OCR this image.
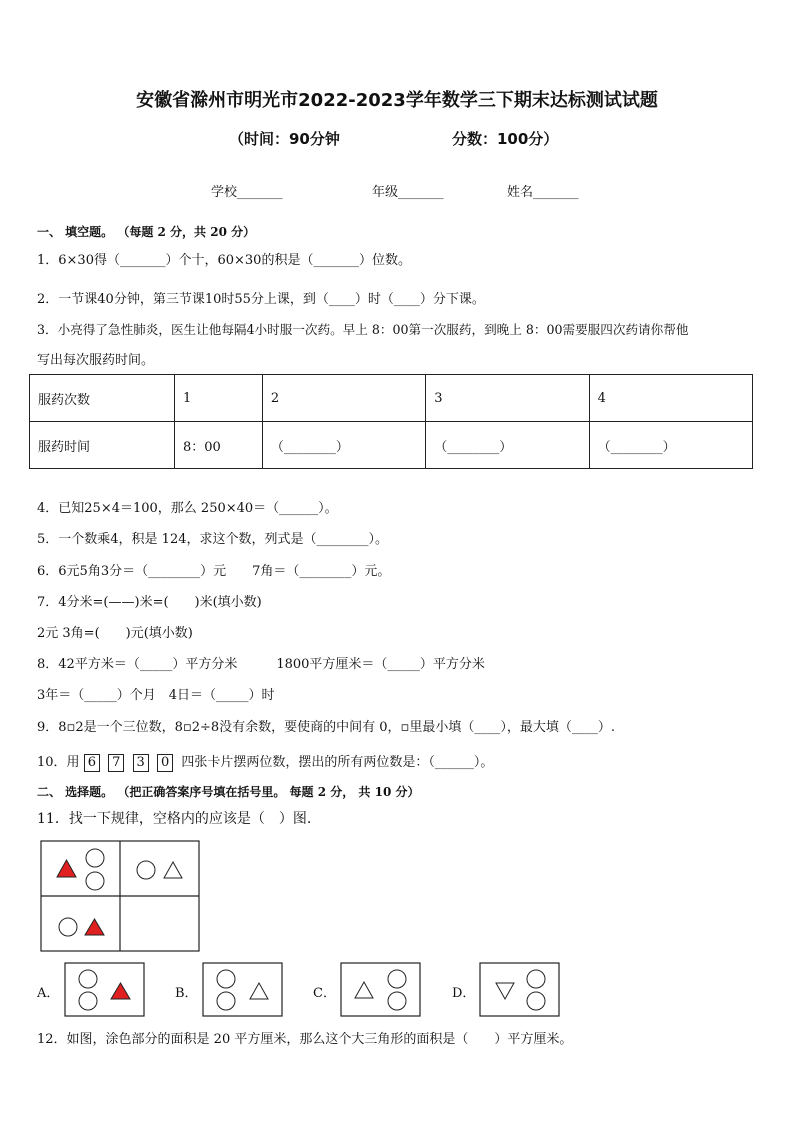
安徽省滁州市明光市2022-2023学年数学三下期末达标测试试题
（时间：90分钟	分数：100分）
学校_______	年级_______	姓名_______
一、 填空题。 （每题 2 分，共 20 分）
1．6×30得（_______）个十，60×30的积是（_______）位数。
2．一节课40分钟，第三节课10时55分上课，到（____）时（____）分下课。
3．小亮得了急性肺炎，医生让他每隔4小时服一次药。早上 8：00第一次服药，到晚上 8：00需要服四次药请你帮他
写出每次服药时间。
服药次数	1	2	3	4
服药时间	8：00	（________）	（________）	（________）
4．已知25×4＝100，那么 250×40＝（______）。
5．一个数乘4，积是 124，求这个数，列式是（________）。
6．6元5角3分＝（________）元　　7角＝（________）元。
7．4分米=(——)米=(　　)米(填小数)
2元 3角=(　　)元(填小数)
8．42平方米＝（_____）平方分米　　　1800平方厘米＝（_____）平方分米
3年＝（_____）个月　4日＝（_____）时
9．8▫2是一个三位数，8▫2÷8没有余数，要使商的中间有 0，▫里最小填（____），最大填（____）.
10．用 6 7 3 0 四张卡片摆两位数，摆出的所有两位数是：（______）。
二、 选择题。 （把正确答案序号填在括号里。 每题 2 分， 共 10 分）
11．找一下规律，空格内的应该是（　）图.
A．	B．	C．	D．
12．如图，涂色部分的面积是 20 平方厘米，那么这个大三角形的面积是（　　）平方厘米。
